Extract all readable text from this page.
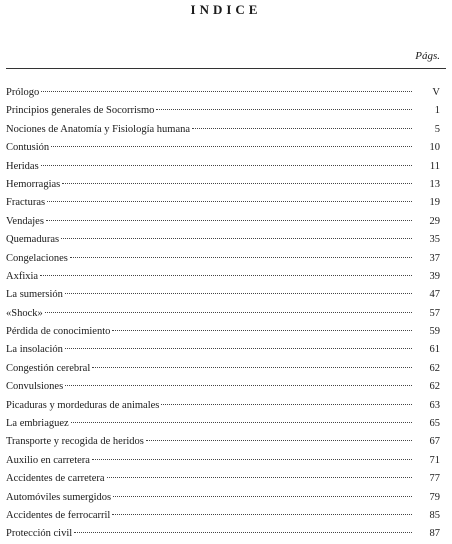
INDICE
Págs.
Prólogo	V
Principios generales de Socorrismo	1
Nociones de Anatomía y Fisiología humana	5
Contusión	10
Heridas	11
Hemorragias	13
Fracturas	19
Vendajes	29
Quemaduras	35
Congelaciones	37
Axfixia	39
La sumersión	47
«Shock»	57
Pérdida de conocimiento	59
La insolación	61
Congestión cerebral	62
Convulsiones	62
Picaduras y mordeduras de animales	63
La embriaguez	65
Transporte y recogida de heridos	67
Auxilio en carretera	71
Accidentes de carretera	77
Automóviles sumergidos	79
Accidentes de ferrocarril	85
Protección civil	87
